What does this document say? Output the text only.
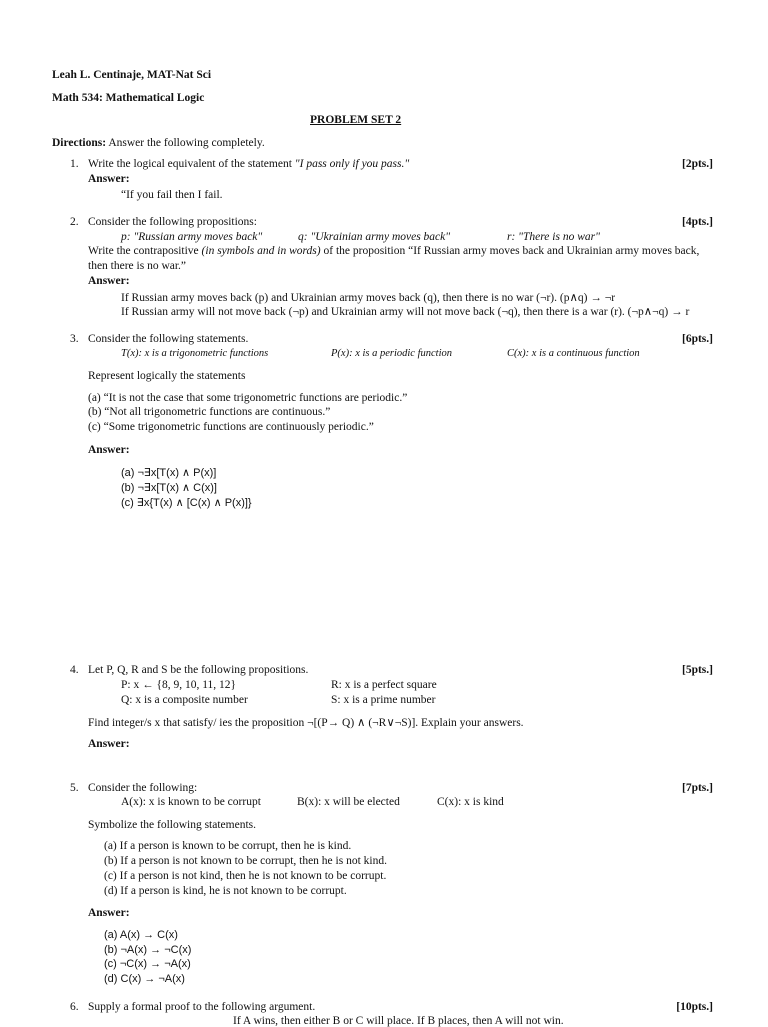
Leah L. Centinaje, MAT-Nat Sci
Math 534: Mathematical Logic
PROBLEM SET 2
Directions: Answer the following completely.
1. Write the logical equivalent of the statement "I pass only if you pass."	[2pts.]
Answer:
“If you fail then I fail.
2. Consider the following propositions:	[4pts.]
p: "Russian army moves back"	q: "Ukrainian army moves back"	r: "There is no war"
Write the contrapositive (in symbols and in words) of the proposition “If Russian army moves back and Ukrainian army moves back,
then there is no war.”
Answer:
If Russian army moves back (p) and Ukrainian army moves back (q), then there is no war (¬r). (p∧q) → ¬r
If Russian army will not move back (¬p) and Ukrainian army will not move back (¬q), then there is a war (r). (¬p∧¬q) → r
3. Consider the following statements.	[6pts.]
T(x): x is a trigonometric functions	P(x): x is a periodic function	C(x): x is a continuous function
Represent logically the statements
(a) “It is not the case that some trigonometric functions are periodic.”
(b) “Not all trigonometric functions are continuous.”
(c) “Some trigonometric functions are continuously periodic.”
Answer:
(a) ¬∃x[T(x) ∧ P(x)]
(b) ¬∃x[T(x) ∧ C(x)]
(c) ∃x{T(x) ∧ [C(x) ∧ P(x)]}
4. Let P, Q, R and S be the following propositions.	[5pts.]
P: x ← {8, 9, 10, 11, 12}	R: x is a perfect square
Q: x is a composite number	S: x is a prime number
Find integer/s x that satisfy/ ies the proposition ¬[(P→ Q) ∧ (¬R∨¬S)]. Explain your answers.
Answer:
5. Consider the following:	[7pts.]
A(x): x is known to be corrupt	B(x): x will be elected	C(x): x is kind
Symbolize the following statements.
(a) If a person is known to be corrupt, then he is kind.
(b) If a person is not known to be corrupt, then he is not kind.
(c) If a person is not kind, then he is not known to be corrupt.
(d) If a person is kind, he is not known to be corrupt.
Answer:
(a) A(x) → C(x)
(b) ¬A(x) → ¬C(x)
(c) ¬C(x) → ¬A(x)
(d) C(x) → ¬A(x)
6. Supply a formal proof to the following argument.	[10pts.]
If A wins, then either B or C will place. If B places, then A will not win.
